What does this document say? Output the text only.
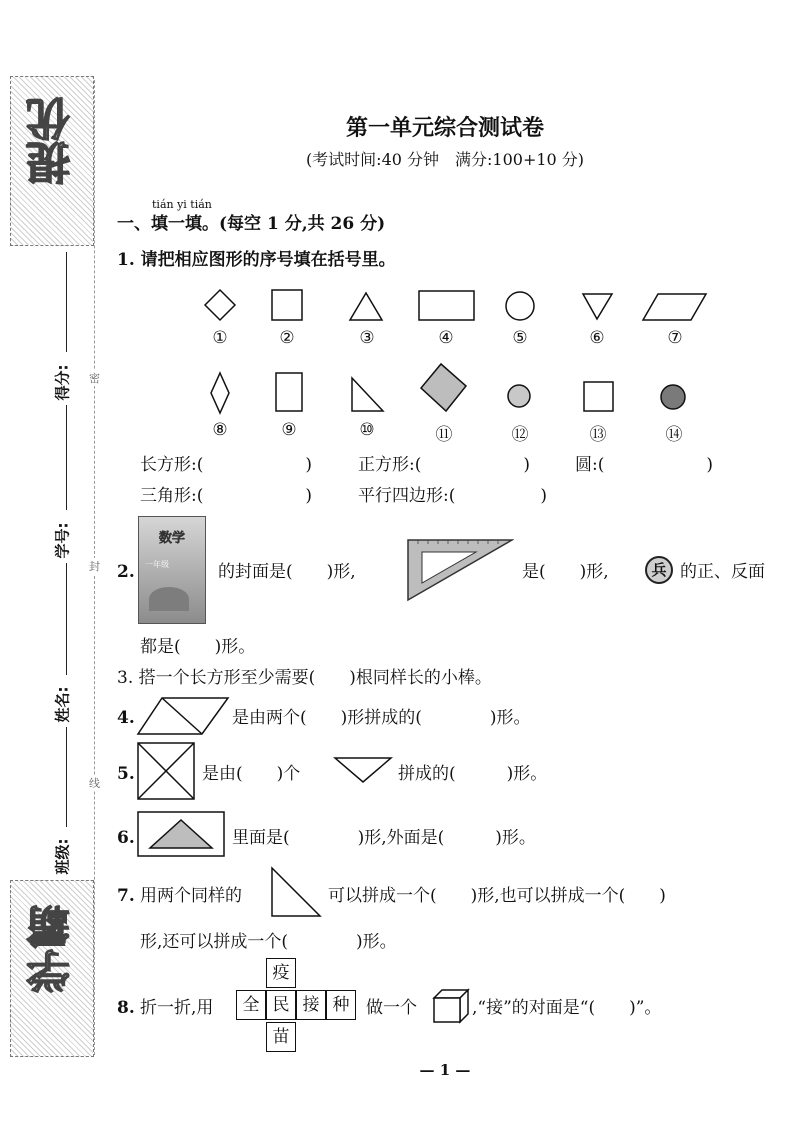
提优
学霸
得分:
学号:
姓名:
班级:
密
封
线
第一单元综合测试卷
(考试时间:40 分钟　满分:100+10 分)
tián yi tián
一、填一填。(每空 1 分,共 26 分)
1. 请把相应图形的序号填在括号里。
①	②	③	④	⑤	⑥	⑦
⑧	⑨	⑩	⑪	⑫	⑬	⑭
长方形:(　　　　　　)	正方形:(　　　　　　)	圆:(　　　　　　)
三角形:(　　　　　　)	平行四边形:(　　　　　)
2.
数学
一年级	的封面是(　　)形,	是(　　)形,	兵 的正、反面
都是(　　)形。
3. 搭一个长方形至少需要(　　)根同样长的小棒。
4.	是由两个(　　)形拼成的(　　　　)形。
5.	是由(　　)个	拼成的(　　　)形。
6.	里面是(　　　　)形,外面是(　　　)形。
7. 用两个同样的	可以拼成一个(　　)形,也可以拼成一个(　　)
形,还可以拼成一个(　　　　)形。
8. 折一折,用
疫
全 民 接 种
苗
做一个	,“接”的对面是“(　　)”。
— 1 —
